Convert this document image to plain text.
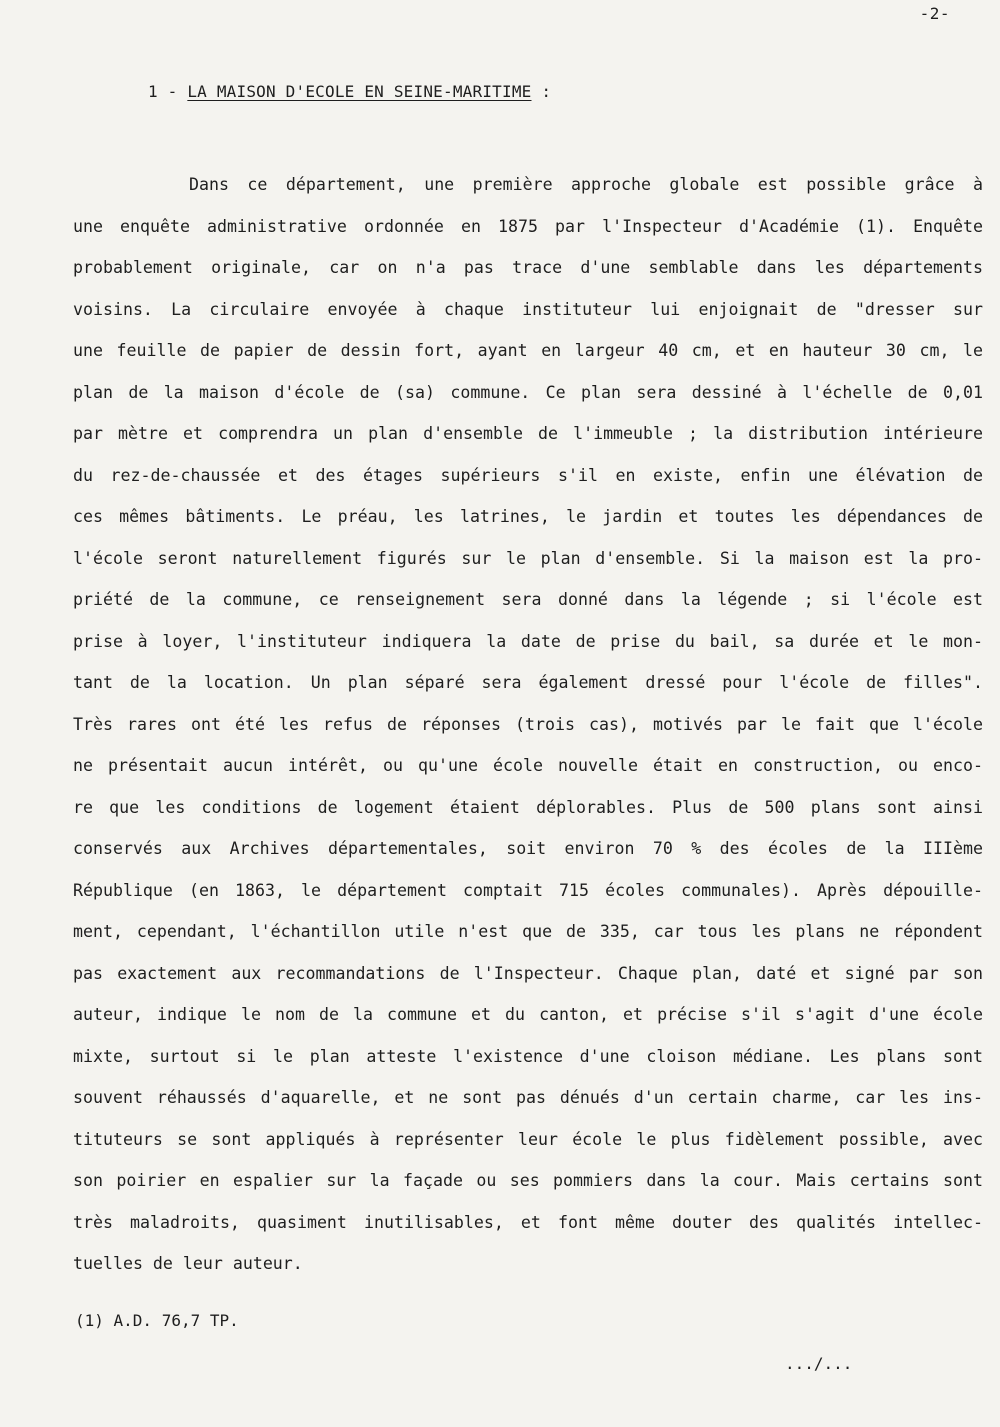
-2-
1 - LA MAISON D'ECOLE EN SEINE-MARITIME :
Dans ce département, une première approche globale est possible grâce à
une enquête administrative ordonnée en 1875 par l'Inspecteur d'Académie (1). Enquête
probablement originale, car on n'a pas trace d'une semblable dans les départements
voisins. La circulaire envoyée à chaque instituteur lui enjoignait de "dresser sur
une feuille de papier de dessin fort, ayant en largeur 40 cm, et en hauteur 30 cm, le
plan de la maison d'école de (sa) commune. Ce plan sera dessiné à l'échelle de 0,01
par mètre et comprendra un plan d'ensemble de l'immeuble ; la distribution intérieure
du rez-de-chaussée et des étages supérieurs s'il en existe, enfin une élévation de
ces mêmes bâtiments. Le préau, les latrines, le jardin et toutes les dépendances de
l'école seront naturellement figurés sur le plan d'ensemble. Si la maison est la pro-
priété de la commune, ce renseignement sera donné dans la légende ; si l'école est
prise à loyer, l'instituteur indiquera la date de prise du bail, sa durée et le mon-
tant de la location. Un plan séparé sera également dressé pour l'école de filles".
Très rares ont été les refus de réponses (trois cas), motivés par le fait que l'école
ne présentait aucun intérêt, ou qu'une école nouvelle était en construction, ou enco-
re que les conditions de logement étaient déplorables. Plus de 500 plans sont ainsi
conservés aux Archives départementales, soit environ 70 % des écoles de la IIIème
République (en 1863, le département comptait 715 écoles communales). Après dépouille-
ment, cependant, l'échantillon utile n'est que de 335, car tous les plans ne répondent
pas exactement aux recommandations de l'Inspecteur. Chaque plan, daté et signé par son
auteur, indique le nom de la commune et du canton, et précise s'il s'agit d'une école
mixte, surtout si le plan atteste l'existence d'une cloison médiane. Les plans sont
souvent réhaussés d'aquarelle, et ne sont pas dénués d'un certain charme, car les ins-
tituteurs se sont appliqués à représenter leur école le plus fidèlement possible, avec
son poirier en espalier sur la façade ou ses pommiers dans la cour. Mais certains sont
très maladroits, quasiment inutilisables, et font même douter des qualités intellec-
tuelles de leur auteur.
(1) A.D. 76,7 TP.
.../...
